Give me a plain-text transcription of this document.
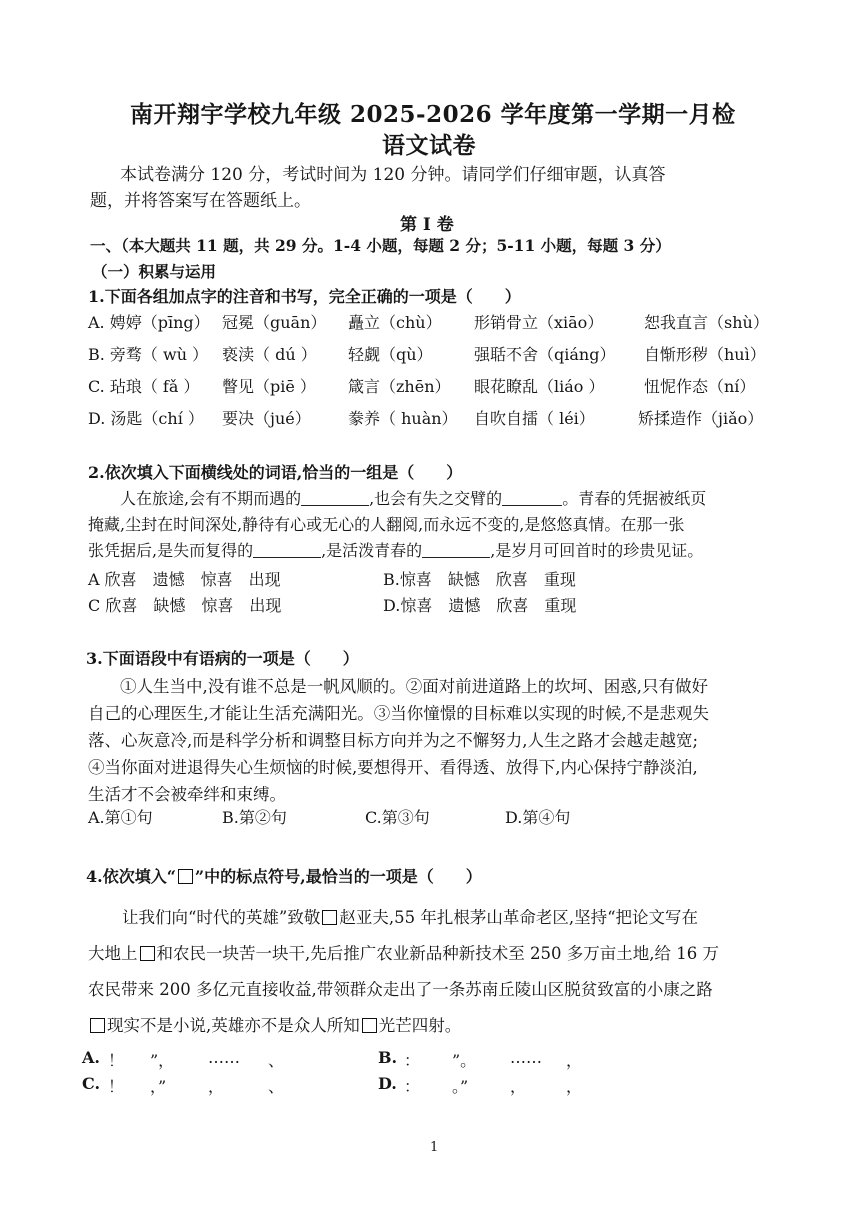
南开翔宇学校九年级 2025-2026 学年度第一学期一月检
语文试卷
本试卷满分 120 分，考试时间为 120 分钟。请同学们仔细审题，认真答
题，并将答案写在答题纸上。
第 I 卷
一、（本大题共 11 题，共 29 分。1-4 小题，每题 2 分；5-11 小题，每题 3 分）
（一）积累与运用
1.下面各组加点字的注音和书写，完全正确的一项是（　　）
A. 娉婷（pīng） 冠冕（guān） 矗立（chù） 形销骨立（xiāo）	恕我直言（shù）
B. 旁骛（ wù ） 亵渎（ dú ） 轻觑（qù）	强聒不舍（qiáng） 自惭形秽（huì）
C. 玷琅（ fǎ ） 瞥见（piē ） 箴言（zhēn） 眼花瞭乱（liáo ） 忸怩作态（ní）
D. 汤匙（chí ） 要决（jué） 豢养（ huàn） 自吹自擂（ léi）	矫揉造作（jiǎo）
2.依次填入下面横线处的词语,恰当的一组是（　　）
人在旅途,会有不期而遇的	,也会有失之交臂的	。青春的凭据被纸页
掩藏,尘封在时间深处,静待有心或无心的人翻阅,而永远不变的,是悠悠真情。在那一张
张凭据后,是失而复得的	,是活泼青春的	,是岁月可回首时的珍贵见证。
A 欣喜　遗憾　惊喜　出现	B.惊喜　缺憾　欣喜　重现
C 欣喜　缺憾　惊喜　出现	D.惊喜　遗憾　欣喜　重现
3.下面语段中有语病的一项是（　　）
①人生当中,没有谁不总是一帆风顺的。②面对前进道路上的坎坷、困惑,只有做好
自己的心理医生,才能让生活充满阳光。③当你憧憬的目标难以实现的时候,不是悲观失
落、心灰意冷,而是科学分析和调整目标方向并为之不懈努力,人生之路才会越走越宽;
④当你面对进退得失心生烦恼的时候,要想得开、看得透、放得下,内心保持宁静淡泊,
生活才不会被牵绊和束缚。
A.第①句	B.第②句	C.第③句	D.第④句
4.依次填入“ ”中的标点符号,最恰当的一项是（　　）
让我们向“时代的英雄”致敬 赵亚夫,55 年扎根茅山革命老区,坚持“把论文写在
大地上 和农民一块苦一块干,先后推广农业新品种新技术至 250 多万亩土地,给 16 万
农民带来 200 多亿元直接收益,带领群众走出了一条苏南丘陵山区脱贫致富的小康之路
现实不是小说,英雄亦不是众人所知 光芒四射。
A. ！ ”， …… 、	B. ： ”。 …… ，
C. ！ ，”	，	、	D. ： 。”	， ，
1
